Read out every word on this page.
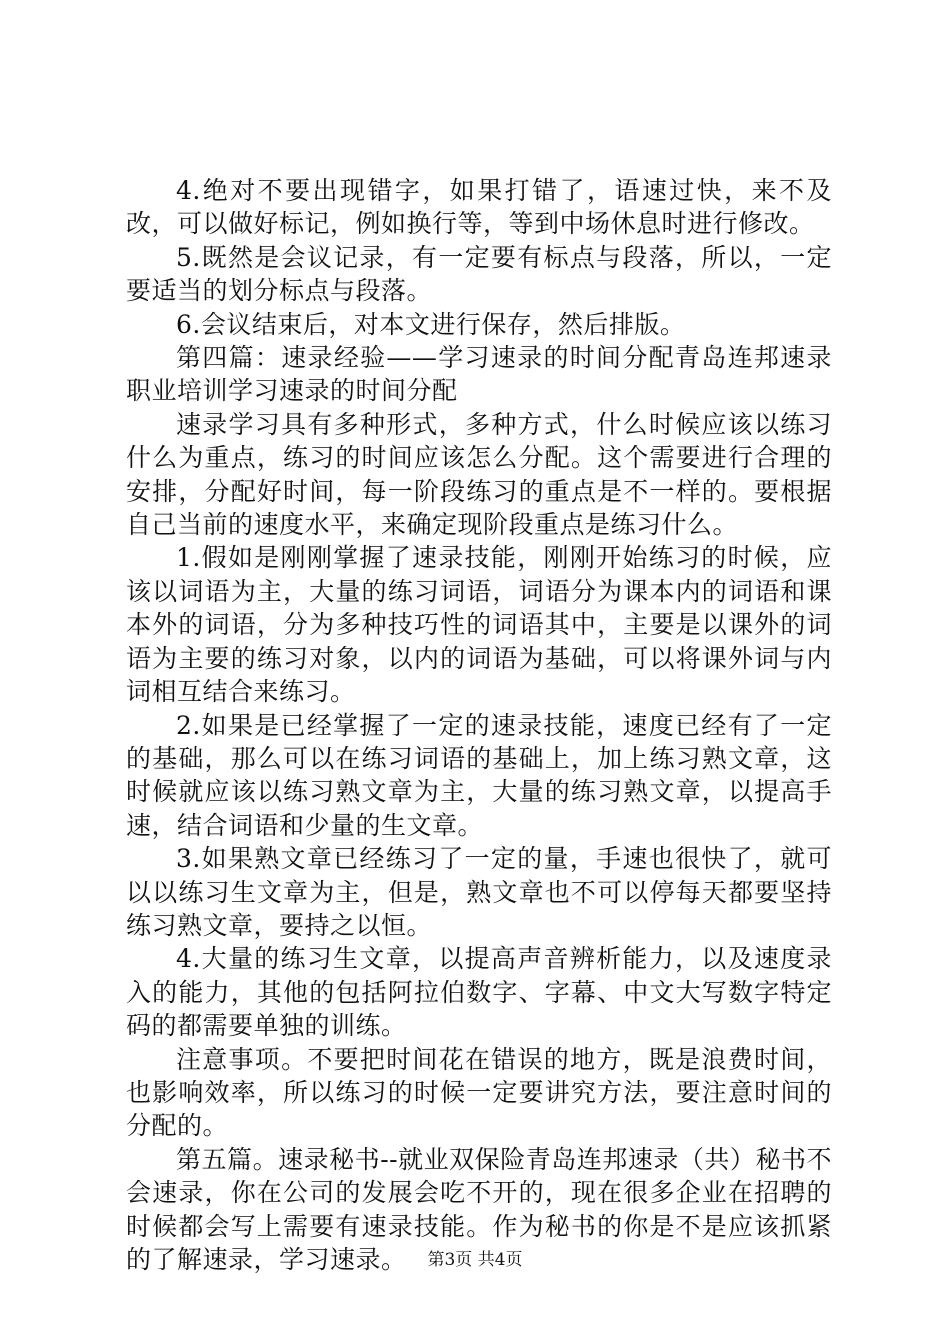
4.绝对不要出现错字，如果打错了，语速过快，来不及改，可以做好标记，例如换行等，等到中场休息时进行修改。

5.既然是会议记录，有一定要有标点与段落，所以，一定要适当的划分标点与段落。

6.会议结束后，对本文进行保存，然后排版。

第四篇：速录经验——学习速录的时间分配青岛连邦速录职业培训学习速录的时间分配

速录学习具有多种形式，多种方式，什么时候应该以练习什么为重点，练习的时间应该怎么分配。这个需要进行合理的安排，分配好时间，每一阶段练习的重点是不一样的。要根据自己当前的速度水平，来确定现阶段重点是练习什么。

1.假如是刚刚掌握了速录技能，刚刚开始练习的时候，应该以词语为主，大量的练习词语，词语分为课本内的词语和课本外的词语，分为多种技巧性的词语其中，主要是以课外的词语为主要的练习对象，以内的词语为基础，可以将课外词与内词相互结合来练习。

2.如果是已经掌握了一定的速录技能，速度已经有了一定的基础，那么可以在练习词语的基础上，加上练习熟文章，这时候就应该以练习熟文章为主，大量的练习熟文章，以提高手速，结合词语和少量的生文章。

3.如果熟文章已经练习了一定的量，手速也很快了，就可以以练习生文章为主，但是，熟文章也不可以停每天都要坚持练习熟文章，要持之以恒。

4.大量的练习生文章，以提高声音辨析能力，以及速度录入的能力，其他的包括阿拉伯数字、字幕、中文大写数字特定码的都需要单独的训练。

注意事项。不要把时间花在错误的地方，既是浪费时间，也影响效率，所以练习的时候一定要讲究方法，要注意时间的分配的。

第五篇。速录秘书--就业双保险青岛连邦速录（共）秘书不会速录，你在公司的发展会吃不开的，现在很多企业在招聘的时候都会写上需要有速录技能。作为秘书的你是不是应该抓紧的了解速录，学习速录。	第3页 共4页
